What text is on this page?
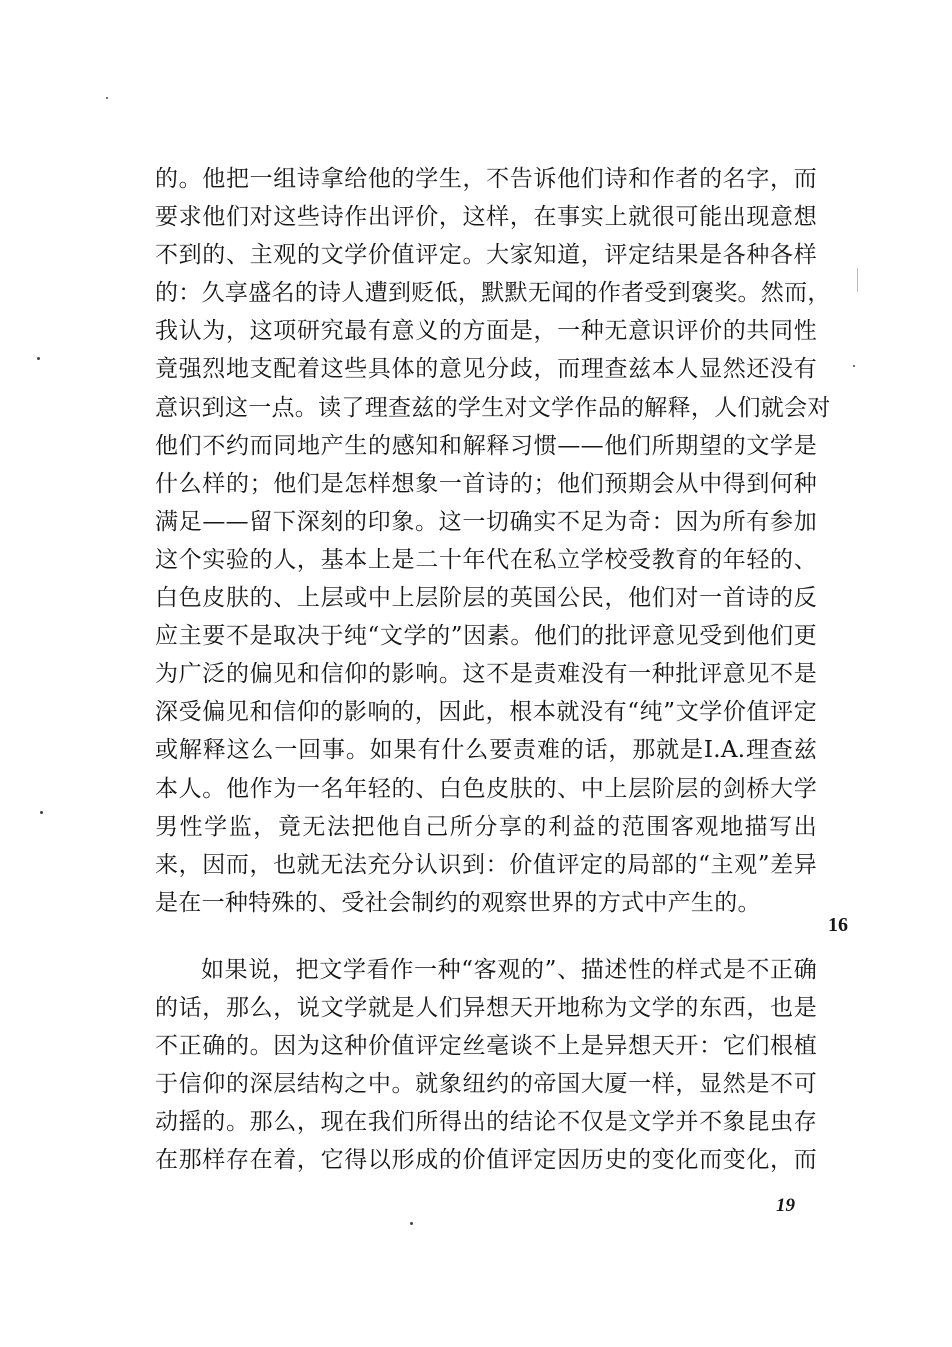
的。他把一组诗拿给他的学生，不告诉他们诗和作者的名字，而
要求他们对这些诗作出评价，这样，在事实上就很可能出现意想
不到的、主观的文学价值评定。大家知道，评定结果是各种各样
的：久享盛名的诗人遭到贬低，默默无闻的作者受到褒奖。然而，
我认为，这项研究最有意义的方面是，一种无意识评价的共同性
竟强烈地支配着这些具体的意见分歧，而理查兹本人显然还没有
意识到这一点。读了理查兹的学生对文学作品的解释，人们就会对
他们不约而同地产生的感知和解释习惯——他们所期望的文学是
什么样的；他们是怎样想象一首诗的；他们预期会从中得到何种
满足——留下深刻的印象。这一切确实不足为奇：因为所有参加
这个实验的人，基本上是二十年代在私立学校受教育的年轻的、
白色皮肤的、上层或中上层阶层的英国公民，他们对一首诗的反
应主要不是取决于纯“文学的”因素。他们的批评意见受到他们更
为广泛的偏见和信仰的影响。这不是责难没有一种批评意见不是
深受偏见和信仰的影响的，因此，根本就没有“纯”文学价值评定
或解释这么一回事。如果有什么要责难的话，那就是I.A.理查兹
本人。他作为一名年轻的、白色皮肤的、中上层阶层的剑桥大学
男性学监，竟无法把他自己所分享的利益的范围客观地描写出
来，因而，也就无法充分认识到：价值评定的局部的“主观”差异
是在一种特殊的、受社会制约的观察世界的方式中产生的。
16
如果说，把文学看作一种“客观的”、描述性的样式是不正确
的话，那么，说文学就是人们异想天开地称为文学的东西，也是
不正确的。因为这种价值评定丝毫谈不上是异想天开：它们根植
于信仰的深层结构之中。就象纽约的帝国大厦一样，显然是不可
动摇的。那么，现在我们所得出的结论不仅是文学并不象昆虫存
在那样存在着，它得以形成的价值评定因历史的变化而变化，而
19
